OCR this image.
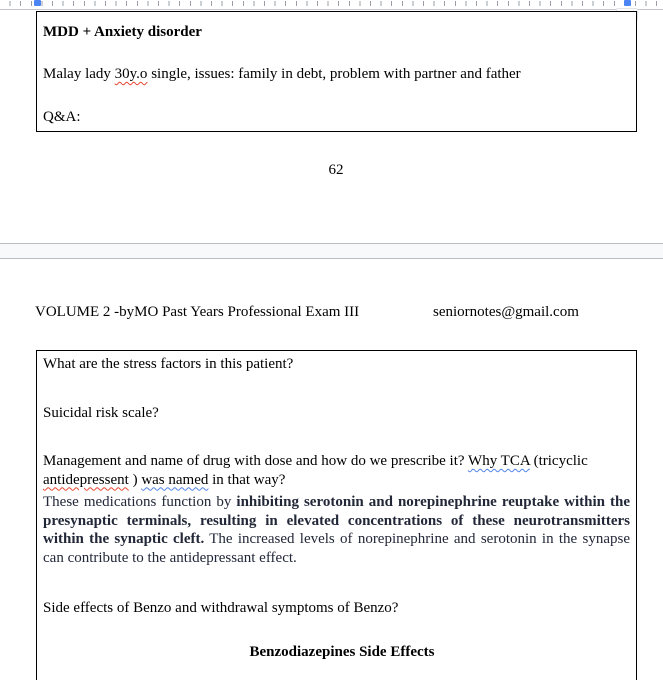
MDD + Anxiety disorder

Malay lady 30y.o single, issues: family in debt, problem with partner and father

Q&A:

62
VOLUME 2 -byMO Past Years Professional Exam III	seniornotes@gmail.com

What are the stress factors in this patient?

Suicidal risk scale?

Management and name of drug with dose and how do we prescribe it? Why TCA (tricyclic antidepressent ) was named in that way?

These medications function by inhibiting serotonin and norepinephrine reuptake within the presynaptic terminals, resulting in elevated concentrations of these neurotransmitters within the synaptic cleft. The increased levels of norepinephrine and serotonin in the synapse can contribute to the antidepressant effect.

Side effects of Benzo and withdrawal symptoms of Benzo?

Benzodiazepines Side Effects
